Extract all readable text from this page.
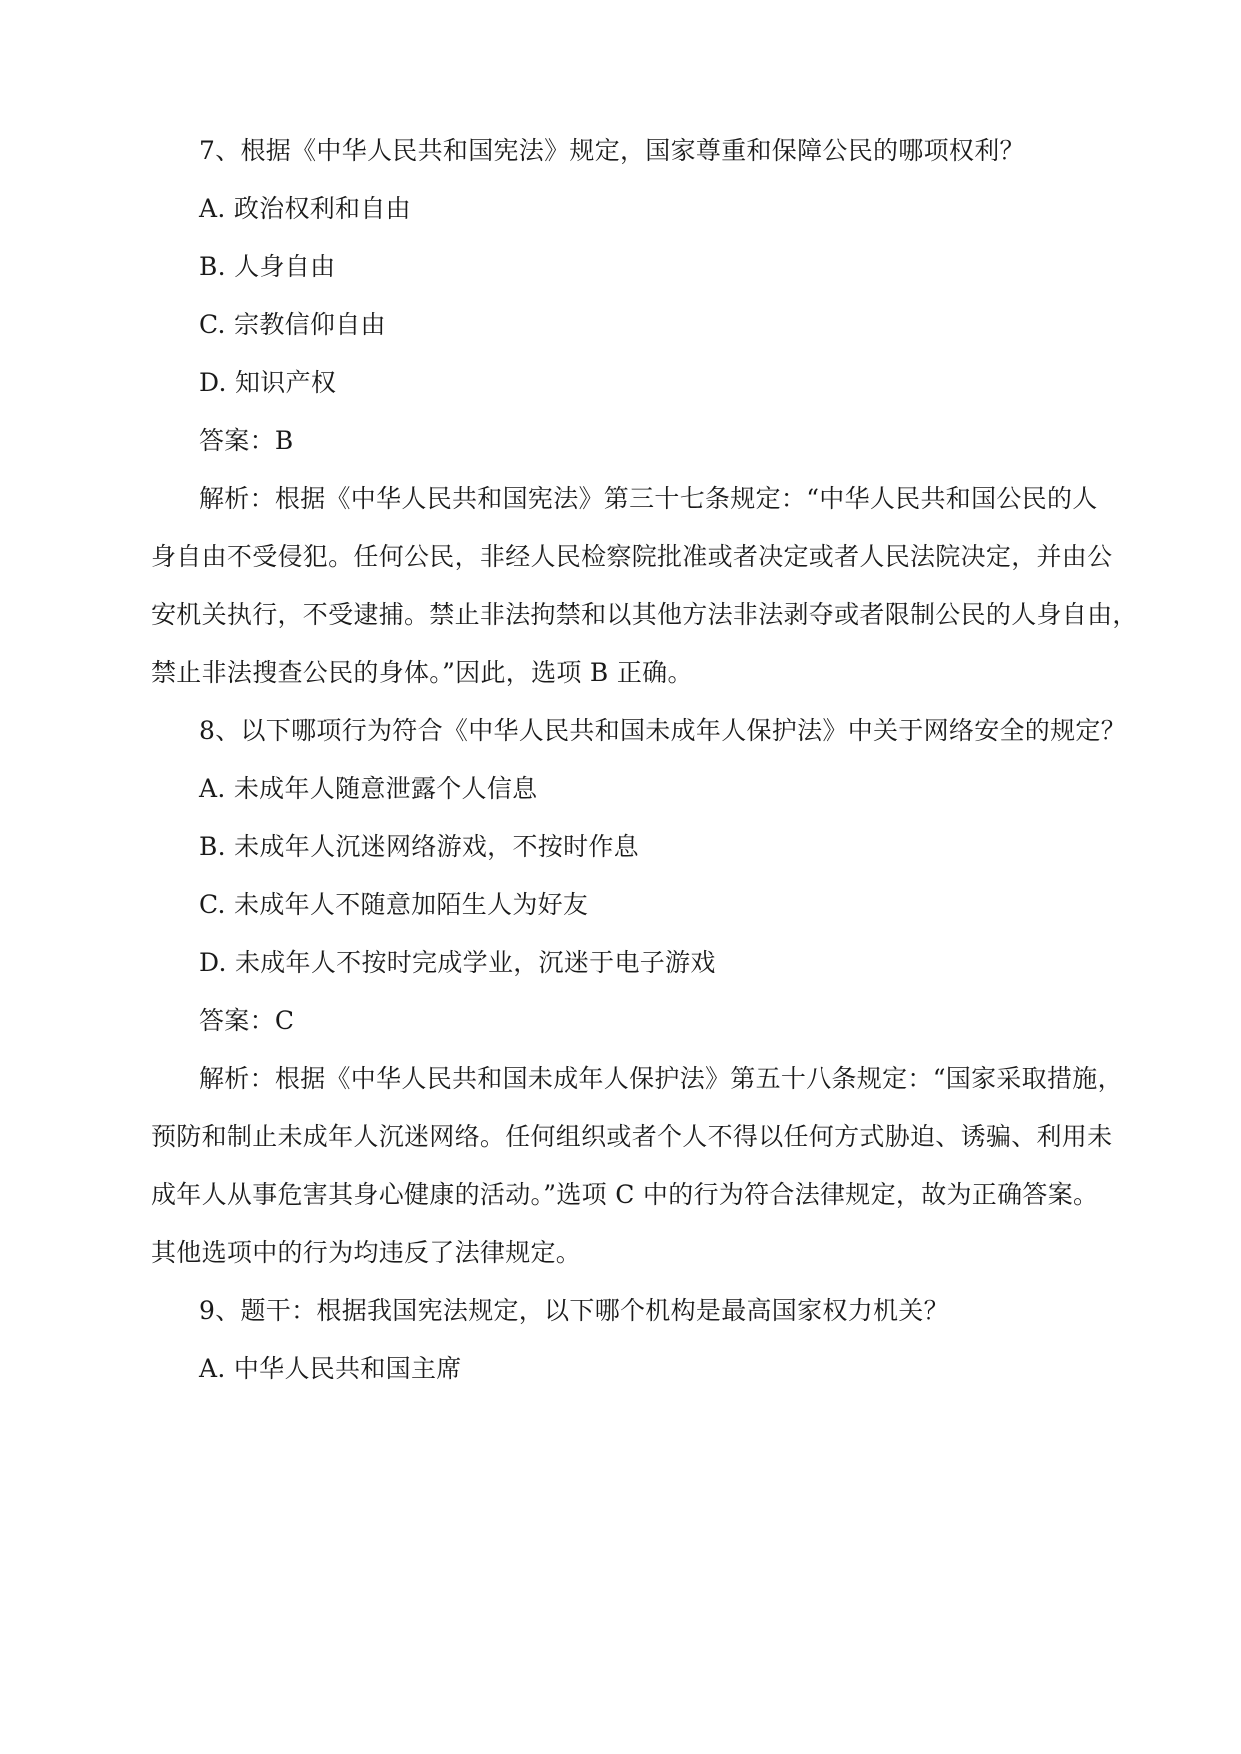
7、根据《中华人民共和国宪法》规定，国家尊重和保障公民的哪项权利？
A. 政治权利和自由
B. 人身自由
C. 宗教信仰自由
D. 知识产权
答案：B
解析：根据《中华人民共和国宪法》第三十七条规定：“中华人民共和国公民的人
身自由不受侵犯。任何公民，非经人民检察院批准或者决定或者人民法院决定，并由公
安机关执行，不受逮捕。禁止非法拘禁和以其他方法非法剥夺或者限制公民的人身自由，
禁止非法搜查公民的身体。”因此，选项 B 正确。
8、以下哪项行为符合《中华人民共和国未成年人保护法》中关于网络安全的规定？
A. 未成年人随意泄露个人信息
B. 未成年人沉迷网络游戏，不按时作息
C. 未成年人不随意加陌生人为好友
D. 未成年人不按时完成学业，沉迷于电子游戏
答案：C
解析：根据《中华人民共和国未成年人保护法》第五十八条规定：“国家采取措施，
预防和制止未成年人沉迷网络。任何组织或者个人不得以任何方式胁迫、诱骗、利用未
成年人从事危害其身心健康的活动。”选项 C 中的行为符合法律规定，故为正确答案。
其他选项中的行为均违反了法律规定。
9、题干：根据我国宪法规定，以下哪个机构是最高国家权力机关？
A. 中华人民共和国主席
